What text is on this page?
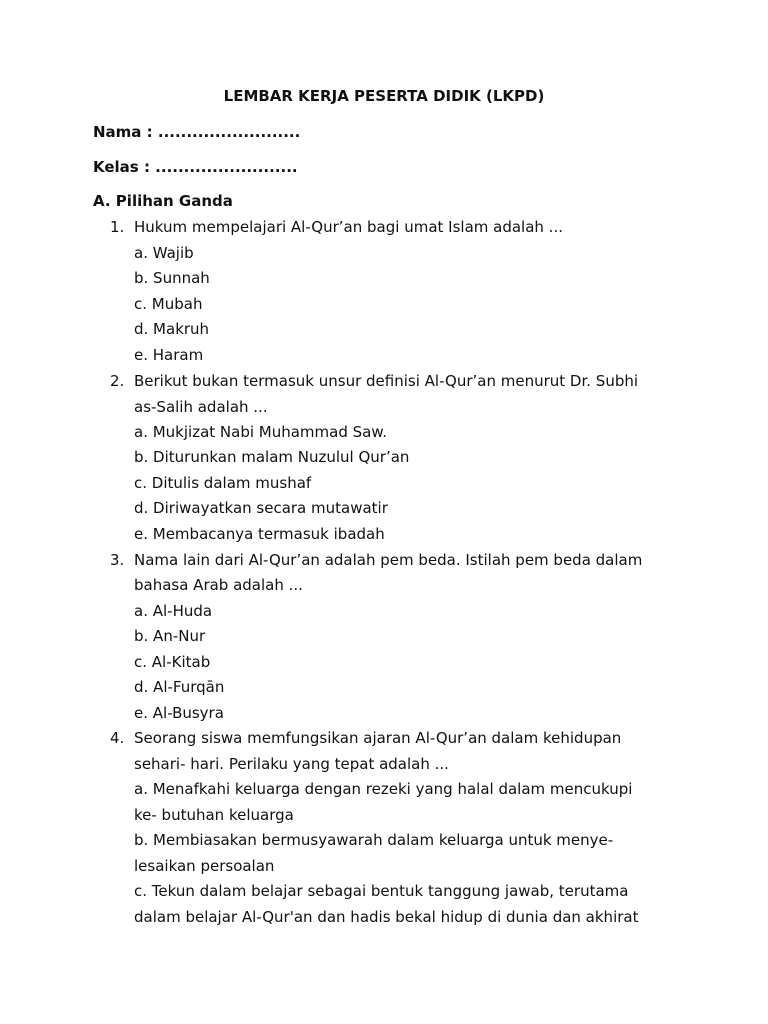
LEMBAR KERJA PESERTA DIDIK (LKPD)
Nama : .........................
Kelas : .........................
A. Pilihan Ganda
1. Hukum mempelajari Al-Qur’an bagi umat Islam adalah ...
a. Wajib
b. Sunnah
c. Mubah
d. Makruh
e. Haram
2. Berikut bukan termasuk unsur definisi Al-Qur’an menurut Dr. Subhi
as-Salih adalah ...
a. Mukjizat Nabi Muhammad Saw.
b. Diturunkan malam Nuzulul Qur’an
c. Ditulis dalam mushaf
d. Diriwayatkan secara mutawatir
e. Membacanya termasuk ibadah
3. Nama lain dari Al-Qur’an adalah pem beda. Istilah pem beda dalam
bahasa Arab adalah ...
a. Al-Huda
b. An-Nur
c. Al-Kitab
d. Al-Furqān
e. Al-Busyra
4. Seorang siswa memfungsikan ajaran Al-Qur’an dalam kehidupan
sehari- hari. Perilaku yang tepat adalah ...
a. Menafkahi keluarga dengan rezeki yang halal dalam mencukupi
ke- butuhan keluarga
b. Membiasakan bermusyawarah dalam keluarga untuk menye-
lesaikan persoalan
c. Tekun dalam belajar sebagai bentuk tanggung jawab, terutama
dalam belajar Al-Qur'an dan hadis bekal hidup di dunia dan akhirat
